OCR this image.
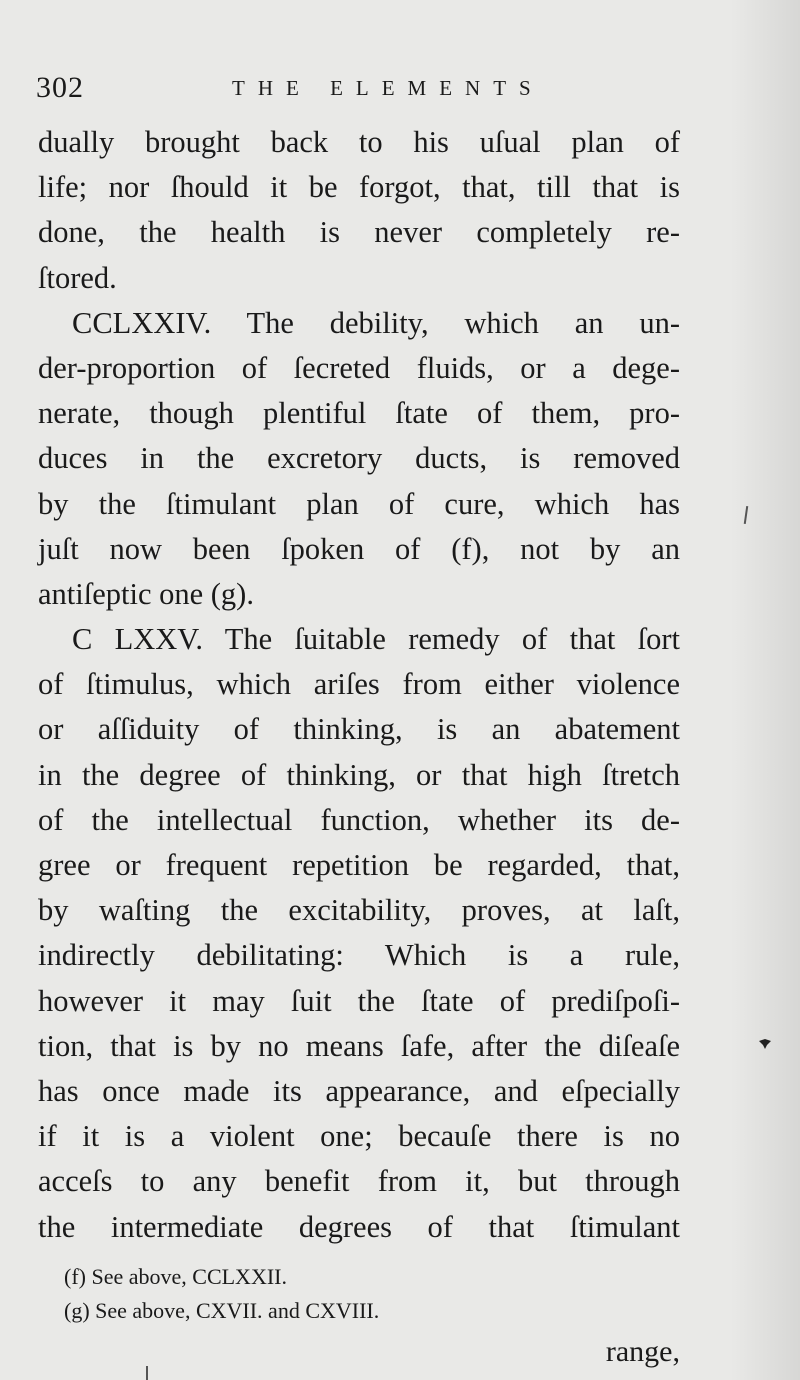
302	THE ELEMENTS
dually brought back to his uſual plan of
life; nor ſhould it be forgot, that, till that is
done, the health is never completely re-
ſtored.
CCLXXIV. The debility, which an un-
der-proportion of ſecreted fluids, or a dege-
nerate, though plentiful ſtate of them, pro-
duces in the excretory ducts, is removed
by the ſtimulant plan of cure, which has
juſt now been ſpoken of (f), not by an
antiſeptic one (g).
C LXXV. The ſuitable remedy of that ſort
of ſtimulus, which ariſes from either violence
or aſſiduity of thinking, is an abatement
in the degree of thinking, or that high ſtretch
of the intellectual function, whether its de-
gree or frequent repetition be regarded, that,
by waſting the excitability, proves, at laſt,
indirectly debilitating: Which is a rule,
however it may ſuit the ſtate of prediſpoſi-
tion, that is by no means ſafe, after the diſeaſe
has once made its appearance, and eſpecially
if it is a violent one; becauſe there is no
acceſs to any benefit from it, but through
the intermediate degrees of that ſtimulant
(f) See above, CCLXXII.
(g) See above, CXVII. and CXVIII.
range,
